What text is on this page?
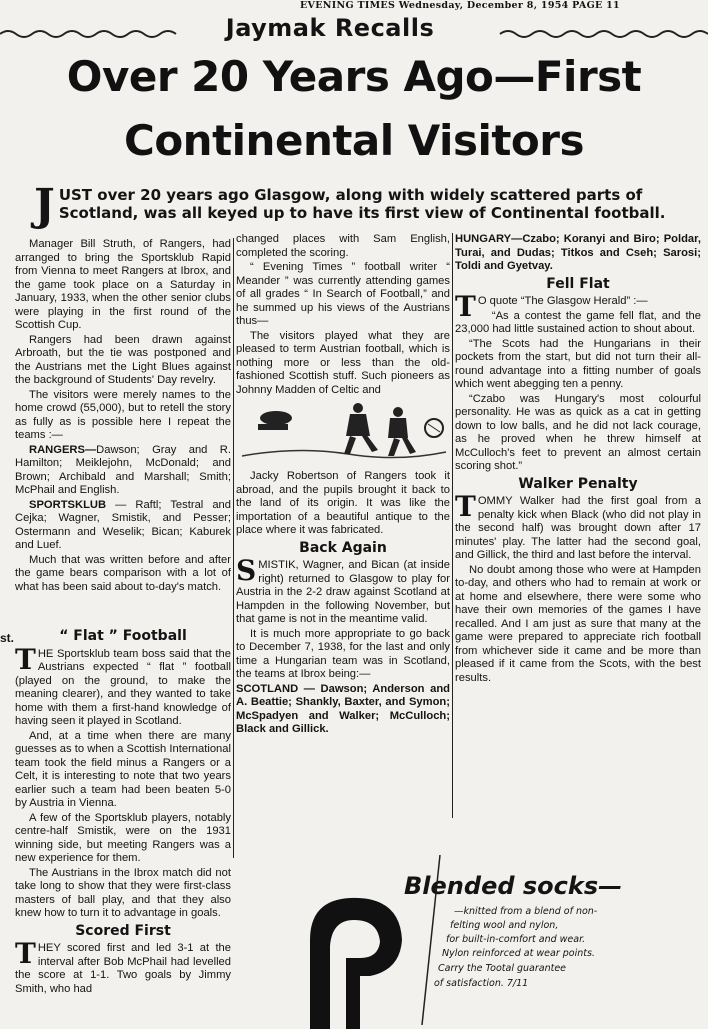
EVENING TIMES Wednesday, December 8, 1954 PAGE 11
Jaymak Recalls
Over 20 Years Ago—First
Continental Visitors
JUST over 20 years ago Glasgow, along with widely scattered parts of Scotland, was all keyed up to have its first view of Continental football.

Manager Bill Struth, of Rangers, had arranged to bring the Sportsklub Rapid from Vienna to meet Rangers at Ibrox, and the game took place on a Saturday in January, 1933, when the other senior clubs were playing in the first round of the Scottish Cup.

Rangers had been drawn against Arbroath, but the tie was postponed and the Austrians met the Light Blues against the background of Students' Day revelry.

The visitors were merely names to the home crowd (55,000), but to retell the story as fully as is possible here I repeat the teams :—

RANGERS—Dawson; Gray and R. Hamilton; Meiklejohn, McDonald; and Brown; Archibald and Marshall; Smith; McPhail and English.

SPORTSKLUB — Raftl; Testral and Cejka; Wagner, Smistik, and Pesser; Ostermann and Weselik; Bican; Kaburek and Luef.

Much that was written before and after the game bears comparison with a lot of what has been said about to-day's match.

st.	“ Flat ” Football

THE Sportsklub team boss said that the Austrians expected “ flat ” football (played on the ground, to make the meaning clearer), and they wanted to take home with them a first-hand knowledge of having seen it played in Scotland.

And, at a time when there are many guesses as to when a Scottish International team took the field minus a Rangers or a Celt, it is interesting to note that two years earlier such a team had been beaten 5-0 by Austria in Vienna.

A few of the Sportsklub players, notably centre-half Smistik, were on the 1931 winning side, but meeting Rangers was a new experience for them.

The Austrians in the Ibrox match did not take long to show that they were first-class masters of ball play, and that they also knew how to turn it to advantage in goals.

Scored First

THEY scored first and led 3-1 at the interval after Bob McPhail had levelled the score at 1-1. Two goals by Jimmy Smith, who had

changed places with Sam English, completed the scoring.

“ Evening Times ” football writer “ Meander ” was currently attending games of all grades “ In Search of Football,” and he summed up his views of the Austrians thus—

The visitors played what they are pleased to term Austrian football, which is nothing more or less than the old-fashioned Scottish stuff. Such pioneers as Johnny Madden of Celtic and

Jacky Robertson of Rangers took it abroad, and the pupils brought it back to the land of its origin. It was like the importation of a beautiful antique to the place where it was fabricated.

Back Again

SMISTIK, Wagner, and Bican (at inside right) returned to Glasgow to play for Austria in the 2-2 draw against Scotland at Hampden in the following November, but that game is not in the meantime valid.

It is much more appropriate to go back to December 7, 1938, for the last and only time a Hungarian team was in Scotland, the teams at Ibrox being:—

SCOTLAND — Dawson; Anderson and A. Beattie; Shankly, Baxter, and Symon; McSpadyen and Walker; McCulloch; Black and Gillick.

HUNGARY—Czabo; Koranyi and Biro; Poldar, Turai, and Dudas; Titkos and Cseh; Sarosi; Toldi and Gyetvay.

Fell Flat

T O quote “The Glasgow Herald” :—

“As a contest the game fell flat, and the 23,000 had little sustained action to shout about.

“The Scots had the Hungarians in their pockets from the start, but did not turn their all-round advantage into a fitting number of goals which went abegging ten a penny.

“Czabo was Hungary's most colourful personality. He was as quick as a cat in getting down to low balls, and he did not lack courage, as he proved when he threw himself at McCulloch's feet to prevent an almost certain scoring shot.”

Walker Penalty

TOMMY Walker had the first goal from a penalty kick when Black (who did not play in the second half) was brought down after 17 minutes' play. The latter had the second goal, and Gillick, the third and last before the interval.

No doubt among those who were at Hampden to-day, and others who had to remain at work or at home and elsewhere, there were some who have their own memories of the games I have recalled. And I am just as sure that many at the game were prepared to appreciate rich football from whichever side it came and be more than pleased if it came from the Scots, with the best results.

Blended socks—
—knitted from a blend of non-
felting wool and nylon,
for built-in-comfort and wear.
Nylon reinforced at wear points.
Carry the Tootal guarantee
of satisfaction. 7/11
